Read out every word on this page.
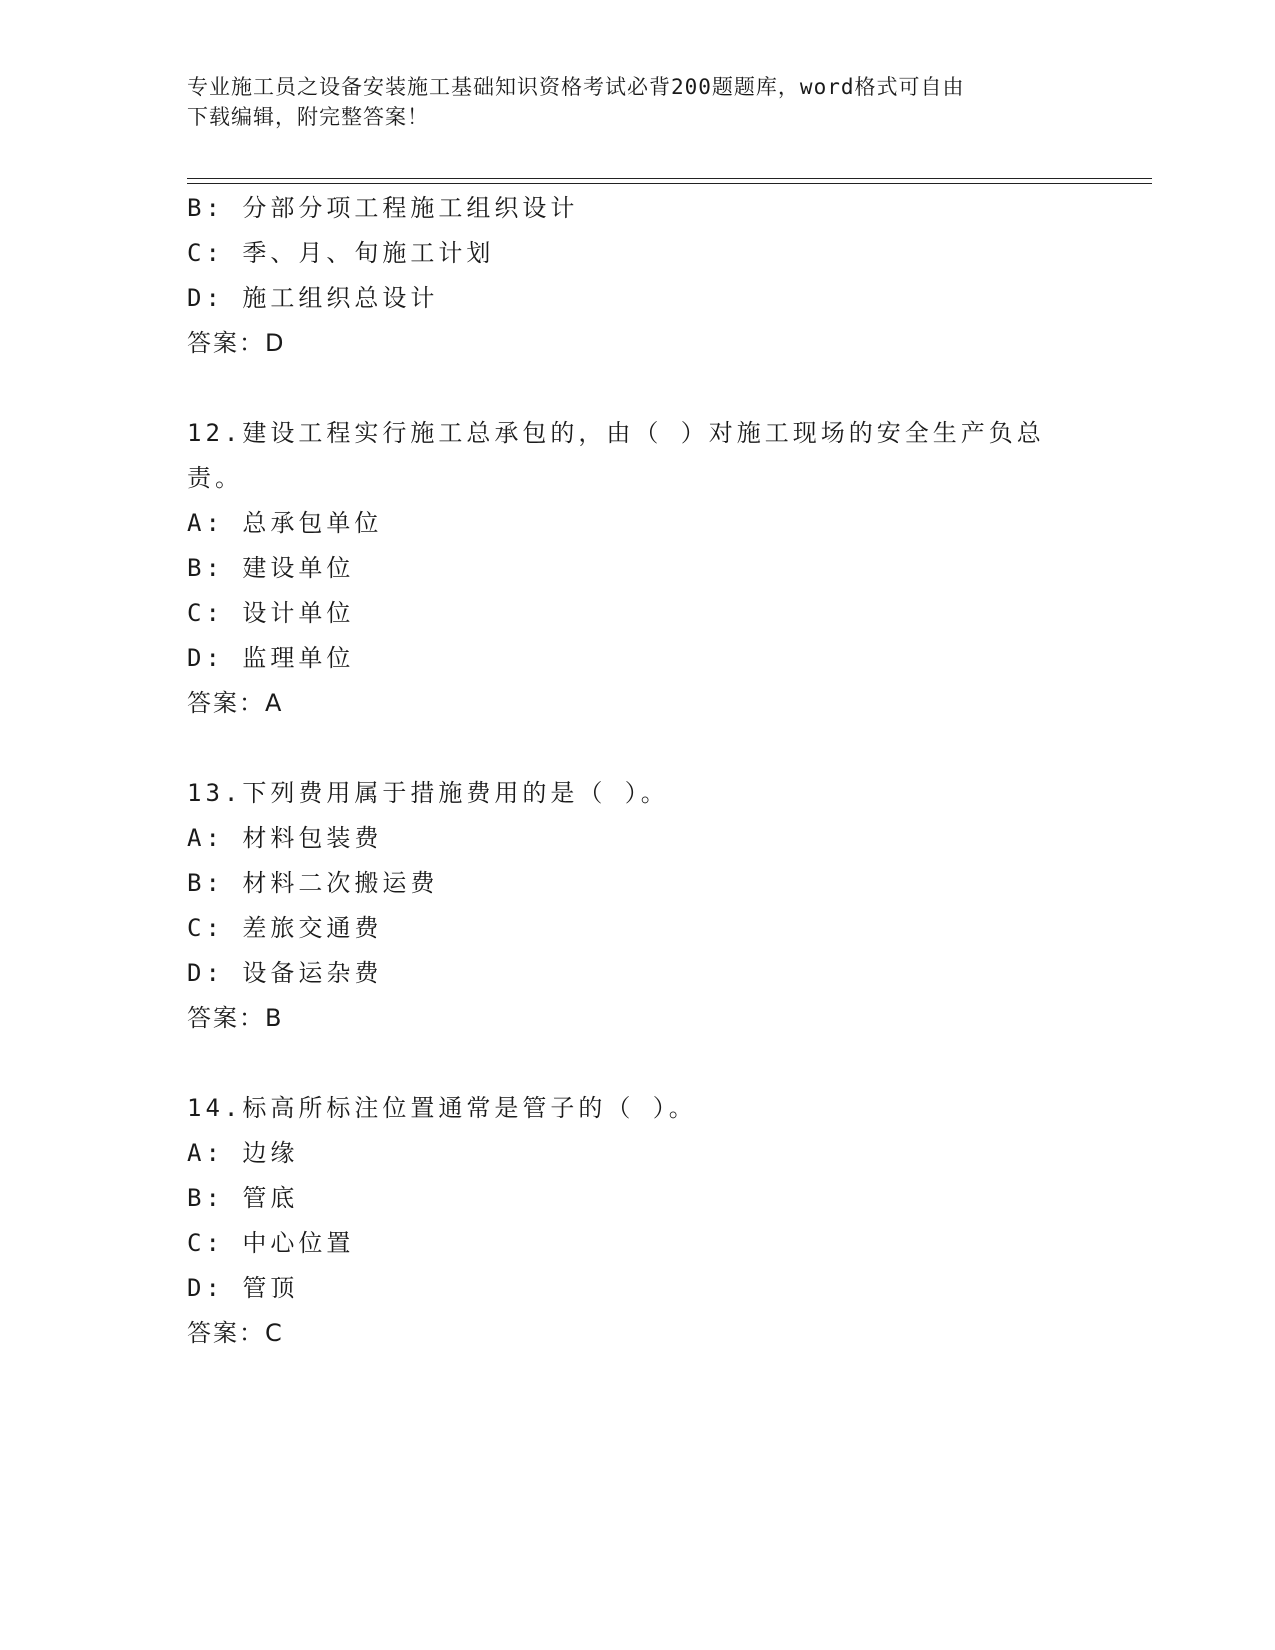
专业施工员之设备安装施工基础知识资格考试必背200题题库，word格式可自由
下载编辑，附完整答案！
B: 分部分项工程施工组织设计
C: 季、月、旬施工计划
D: 施工组织总设计
答案：D
12.建设工程实行施工总承包的，由（ ）对施工现场的安全生产负总
责。
A: 总承包单位
B: 建设单位
C: 设计单位
D: 监理单位
答案：A
13.下列费用属于措施费用的是（ ）。
A: 材料包装费
B: 材料二次搬运费
C: 差旅交通费
D: 设备运杂费
答案：B
14.标高所标注位置通常是管子的（ ）。
A: 边缘
B: 管底
C: 中心位置
D: 管顶
答案：C
